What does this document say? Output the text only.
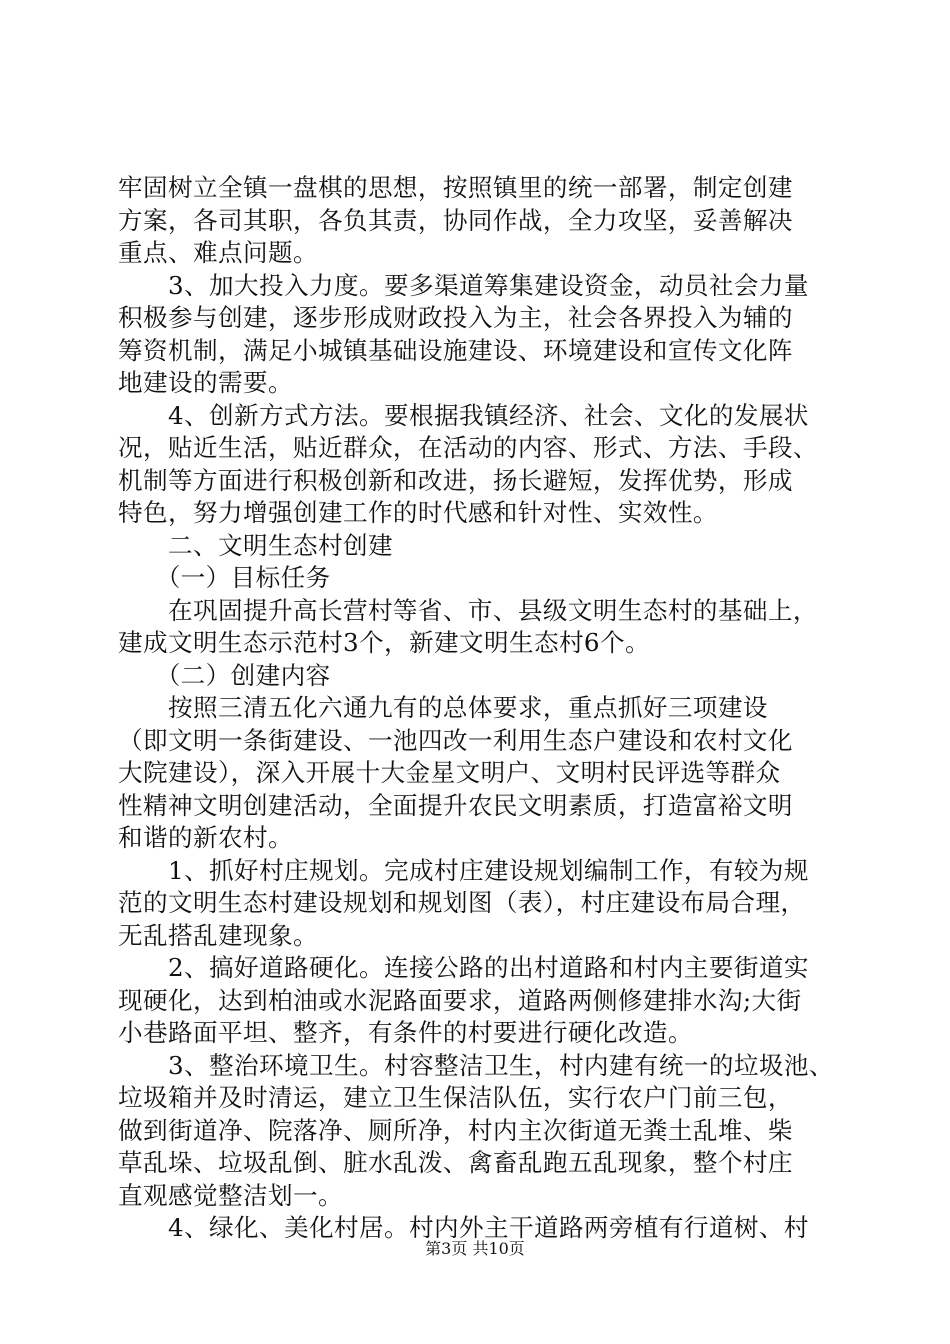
牢固树立全镇一盘棋的思想，按照镇里的统一部署，制定创建
方案，各司其职，各负其责，协同作战，全力攻坚，妥善解决
重点、难点问题。
　　3、加大投入力度。要多渠道筹集建设资金，动员社会力量
积极参与创建，逐步形成财政投入为主，社会各界投入为辅的
筹资机制，满足小城镇基础设施建设、环境建设和宣传文化阵
地建设的需要。
　　4、创新方式方法。要根据我镇经济、社会、文化的发展状
况，贴近生活，贴近群众，在活动的内容、形式、方法、手段、
机制等方面进行积极创新和改进，扬长避短，发挥优势，形成
特色，努力增强创建工作的时代感和针对性、实效性。
　　二、文明生态村创建
　　（一）目标任务
　　在巩固提升高长营村等省、市、县级文明生态村的基础上，
建成文明生态示范村3个，新建文明生态村6个。
　　（二）创建内容
　　按照三清五化六通九有的总体要求，重点抓好三项建设
（即文明一条街建设、一池四改一利用生态户建设和农村文化
大院建设），深入开展十大金星文明户、文明村民评选等群众
性精神文明创建活动，全面提升农民文明素质，打造富裕文明
和谐的新农村。
　　1、抓好村庄规划。完成村庄建设规划编制工作，有较为规
范的文明生态村建设规划和规划图（表），村庄建设布局合理，
无乱搭乱建现象。
　　2、搞好道路硬化。连接公路的出村道路和村内主要街道实
现硬化，达到柏油或水泥路面要求，道路两侧修建排水沟;大街
小巷路面平坦、整齐，有条件的村要进行硬化改造。
　　3、整治环境卫生。村容整洁卫生，村内建有统一的垃圾池、
垃圾箱并及时清运，建立卫生保洁队伍，实行农户门前三包，
做到街道净、院落净、厕所净，村内主次街道无粪土乱堆、柴
草乱垛、垃圾乱倒、脏水乱泼、禽畜乱跑五乱现象，整个村庄
直观感觉整洁划一。
　　4、绿化、美化村居。村内外主干道路两旁植有行道树、村
第3页 共10页
